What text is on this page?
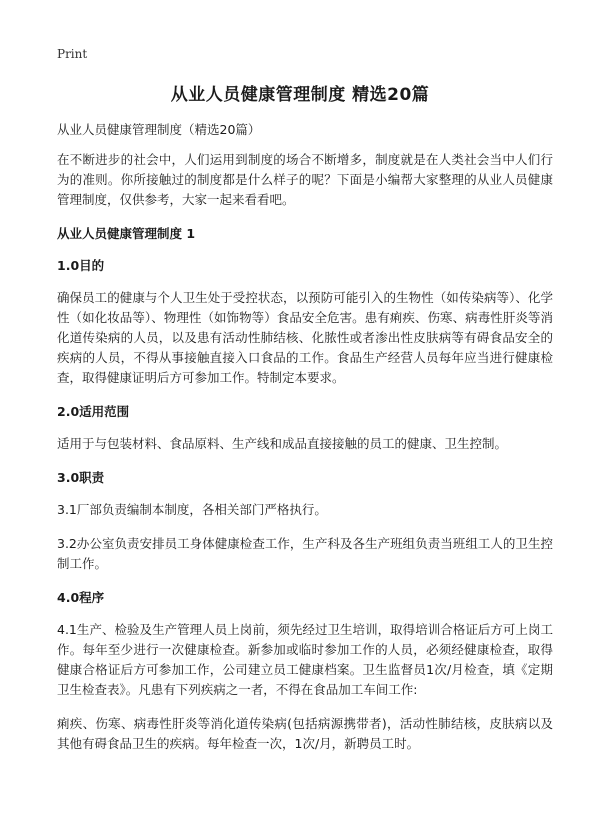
Print
从业人员健康管理制度 精选20篇

从业人员健康管理制度（精选20篇）

在不断进步的社会中，人们运用到制度的场合不断增多，制度就是在人类社会当中人们行为的准则。你所接触过的制度都是什么样子的呢？下面是小编帮大家整理的从业人员健康管理制度，仅供参考，大家一起来看看吧。

从业人员健康管理制度 1

1.0目的

确保员工的健康与个人卫生处于受控状态，以预防可能引入的生物性（如传染病等）、化学性（如化妆品等）、物理性（如饰物等）食品安全危害。患有痢疾、伤寒、病毒性肝炎等消化道传染病的人员，以及患有活动性肺结核、化脓性或者渗出性皮肤病等有碍食品安全的疾病的人员，不得从事接触直接入口食品的工作。食品生产经营人员每年应当进行健康检查，取得健康证明后方可参加工作。特制定本要求。

2.0适用范围

适用于与包装材料、食品原料、生产线和成品直接接触的员工的健康、卫生控制。

3.0职责

3.1厂部负责编制本制度，各相关部门严格执行。

3.2办公室负责安排员工身体健康检查工作，生产科及各生产班组负责当班组工人的卫生控制工作。

4.0程序

4.1生产、检验及生产管理人员上岗前，须先经过卫生培训，取得培训合格证后方可上岗工作。每年至少进行一次健康检查。新参加或临时参加工作的人员，必须经健康检查，取得健康合格证后方可参加工作，公司建立员工健康档案。卫生监督员1次/月检查，填《定期卫生检查表》。凡患有下列疾病之一者，不得在食品加工车间工作:

痢疾、伤寒、病毒性肝炎等消化道传染病(包括病源携带者)，活动性肺结核，皮肤病以及其他有碍食品卫生的疾病。每年检查一次，1次/月，新聘员工时。
